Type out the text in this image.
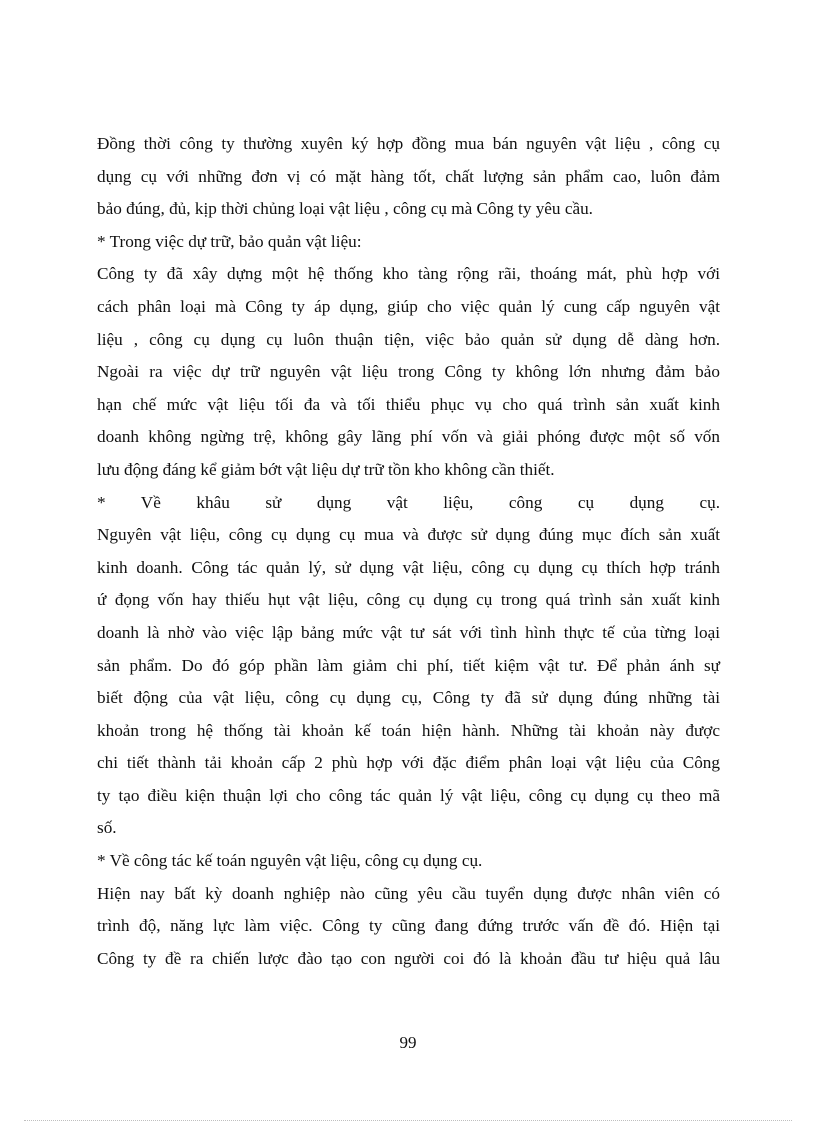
Đồng thời công ty thường xuyên ký hợp đồng mua bán nguyên vật liệu , công cụ
dụng cụ với những đơn vị có mặt hàng tốt, chất lượng sản phẩm cao, luôn đảm
bảo đúng, đủ, kịp thời chủng loại vật liệu , công cụ mà Công ty yêu cầu.
* Trong việc dự trữ, bảo quản vật liệu:
Công ty đã xây dựng một hệ thống kho tàng rộng rãi, thoáng mát, phù hợp với
cách phân loại mà Công ty áp dụng, giúp cho việc quản lý cung cấp nguyên vật
liệu , công cụ dụng cụ luôn thuận tiện, việc bảo quản sử dụng dễ dàng hơn.
Ngoài ra việc dự trữ nguyên vật liệu trong Công ty không lớn nhưng đảm bảo
hạn chế mức vật liệu tối đa và tối thiểu phục vụ cho quá trình sản xuất kinh
doanh không ngừng trệ, không gây lãng phí vốn và giải phóng được một số vốn
lưu động đáng kể giảm bớt vật liệu dự trữ tồn kho không cần thiết.
* Về khâu sử dụng vật liệu, công cụ dụng cụ.
Nguyên vật liệu, công cụ dụng cụ mua và được sử dụng đúng mục đích sản xuất
kinh doanh. Công tác quản lý, sử dụng vật liệu, công cụ dụng cụ thích hợp tránh
ứ đọng vốn hay thiếu hụt vật liệu, công cụ dụng cụ trong quá trình sản xuất kinh
doanh là nhờ vào việc lập bảng mức vật tư sát với tình hình thực tế của từng loại
sản phẩm. Do đó góp phần làm giảm chi phí, tiết kiệm vật tư. Để phản ánh sự
biết động của vật liệu, công cụ dụng cụ, Công ty đã sử dụng đúng những tài
khoản trong hệ thống tài khoản kế toán hiện hành. Những tài khoản này được
chi tiết thành tải khoản cấp 2 phù hợp với đặc điểm phân loại vật liệu của Công
ty tạo điều kiện thuận lợi cho công tác quản lý vật liệu, công cụ dụng cụ theo mã
số.
* Về công tác kế toán nguyên vật liệu, công cụ dụng cụ.
Hiện nay bất kỳ doanh nghiệp nào cũng yêu cầu tuyển dụng được nhân viên có
trình độ, năng lực làm việc. Công ty cũng đang đứng trước vấn đề đó. Hiện tại
Công ty đề ra chiến lược đào tạo con người coi đó là khoản đầu tư hiệu quả lâu
99
